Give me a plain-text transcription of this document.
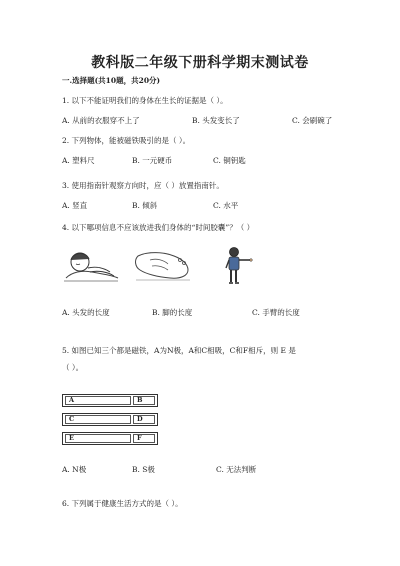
教科版二年级下册科学期末测试卷
一.选择题(共10题，共20分)
1. 以下不能证明我们的身体在生长的证据是（ ）。
A. 从前的衣服穿不上了	B. 头发变长了	C. 会刷碗了
2. 下列物体，能被磁铁吸引的是（ ）。
A. 塑料尺	B. 一元硬币	C. 铜钥匙
3. 使用指南针观察方向时，应（ ）放置指南针。
A. 竖直	B. 倾斜	C. 水平
4. 以下哪项信息不应该放进我们身体的“时间胶囊”？（ ）
A. 头发的长度	B. 脚的长度	C. 手臂的长度
5. 如图已知三个都是磁铁，A为N极，A和C相吸，C和F相斥，则 E 是
（ ）。
A	B
C	D
E	F
A. N极	B. S极	C. 无法判断
6. 下列属于健康生活方式的是（ ）。
